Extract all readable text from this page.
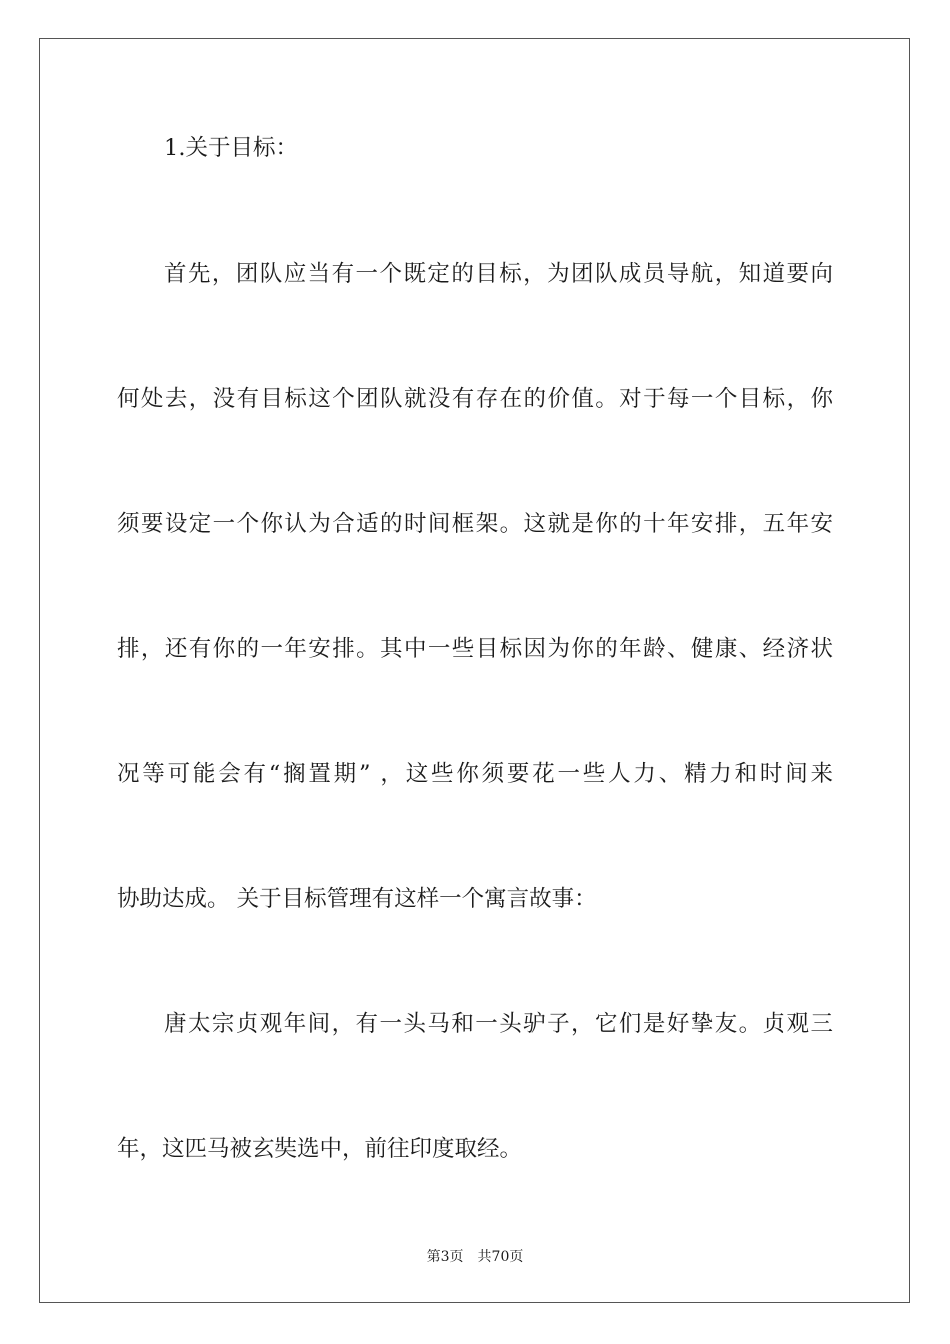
1.关于目标：
首先，团队应当有一个既定的目标，为团队成员导航，知道要向
何处去，没有目标这个团队就没有存在的价值。对于每一个目标，你
须要设定一个你认为合适的时间框架。这就是你的十年安排，五年安
排，还有你的一年安排。其中一些目标因为你的年龄、健康、经济状
况等可能会有“搁置期” ，这些你须要花一些人力、精力和时间来
协助达成。 关于目标管理有这样一个寓言故事：
唐太宗贞观年间，有一头马和一头驴子，它们是好挚友。贞观三
年，这匹马被玄奘选中，前往印度取经。
第3页 共70页
